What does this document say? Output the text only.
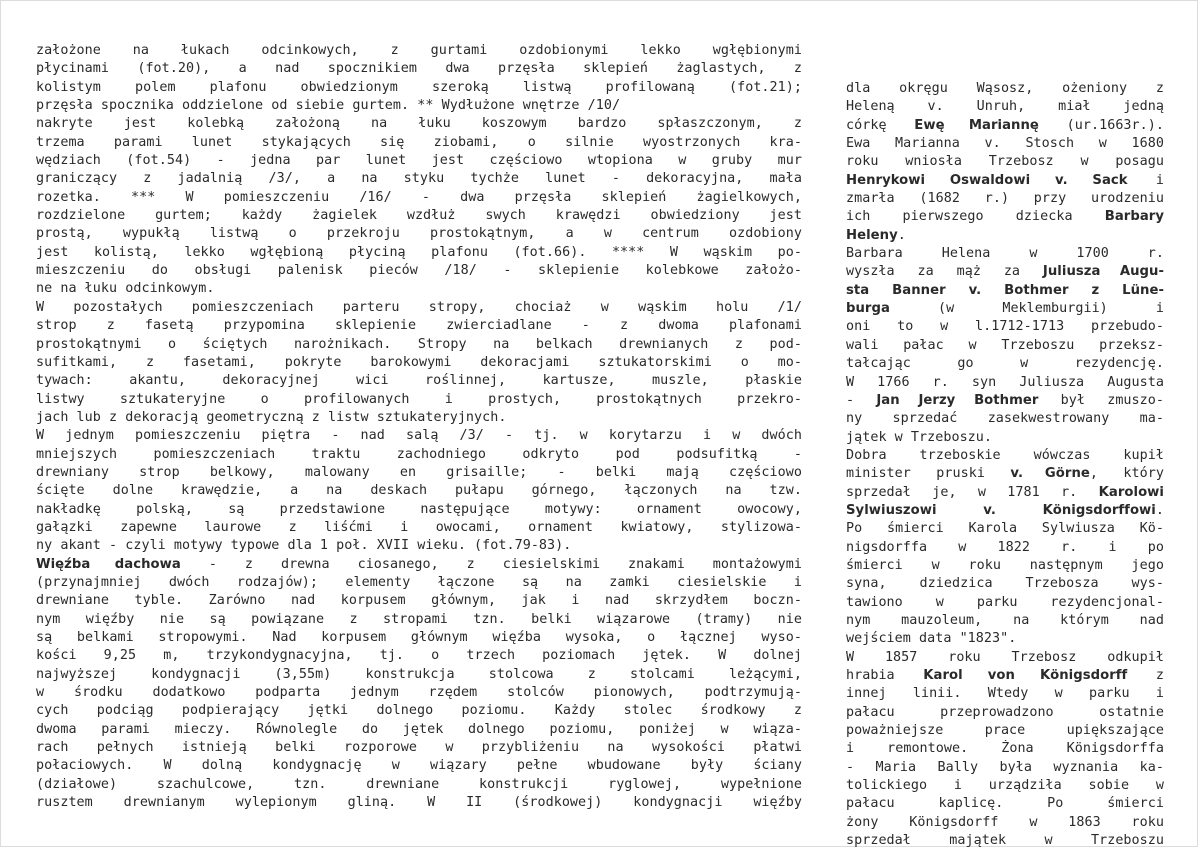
założone na łukach odcinkowych, z gurtami ozdobionymi lekko wgłębionymi
płycinami (fot.20), a nad spocznikiem dwa przęsła sklepień żaglastych, z
kolistym polem plafonu obwiedzionym szeroką listwą profilowaną (fot.21);
przęsła spocznika oddzielone od siebie gurtem. ** Wydłużone wnętrze /10/
nakryte jest kolebką założoną na łuku koszowym bardzo spłaszczonym, z
trzema parami lunet stykających się ziobami, o silnie wyostrzonych kra-
wędziach (fot.54) - jedna par lunet jest częściowo wtopiona w gruby mur
graniczący z jadalnią /3/, a na styku tychże lunet - dekoracyjna, mała
rozetka. *** W pomieszczeniu /16/ - dwa przęsła sklepień żagielkowych,
rozdzielone gurtem; każdy żagielek wzdłuż swych krawędzi obwiedziony jest
prostą, wypukłą listwą o przekroju prostokątnym, a w centrum ozdobiony
jest kolistą, lekko wgłębioną płyciną plafonu (fot.66). **** W wąskim po-
mieszczeniu do obsługi palenisk pieców /18/ - sklepienie kolebkowe założo-
ne na łuku odcinkowym.
W pozostałych pomieszczeniach parteru stropy, chociaż w wąskim holu /1/
strop z fasetą przypomina sklepienie zwierciadlane - z dwoma plafonami
prostokątnymi o ściętych narożnikach. Stropy na belkach drewnianych z pod-
sufitkami, z fasetami, pokryte barokowymi dekoracjami sztukatorskimi o mo-
tywach: akantu, dekoracyjnej wici roślinnej, kartusze, muszle, płaskie
listwy sztukateryjne o profilowanych i prostych, prostokątnych przekro-
jach lub z dekoracją geometryczną z listw sztukateryjnych.
W jednym pomieszczeniu piętra - nad salą /3/ - tj. w korytarzu i w dwóch
mniejszych pomieszczeniach traktu zachodniego odkryto pod podsufitką -
drewniany strop belkowy, malowany en grisaille; - belki mają częściowo
ścięte dolne krawędzie, a na deskach pułapu górnego, łączonych na tzw.
nakładkę polską, są przedstawione następujące motywy: ornament owocowy,
gałązki zapewne laurowe z liśćmi i owocami, ornament kwiatowy, stylizowa-
ny akant - czyli motywy typowe dla 1 poł. XVII wieku. (fot.79-83).
Więźba dachowa - z drewna ciosanego, z ciesielskimi znakami montażowymi
(przynajmniej dwóch rodzajów); elementy łączone są na zamki ciesielskie i
drewniane tyble. Zarówno nad korpusem głównym, jak i nad skrzydłem boczn-
nym więźby nie są powiązane z stropami tzn. belki wiązarowe (tramy) nie
są belkami stropowymi. Nad korpusem głównym więźba wysoka, o łącznej wyso-
kości 9,25 m, trzykondygnacyjna, tj. o trzech poziomach jętek. W dolnej
najwyższej kondygnacji (3,55m) konstrukcja stolcowa z stolcami leżącymi,
w środku dodatkowo podparta jednym rzędem stolców pionowych, podtrzymują-
cych podciąg podpierający jętki dolnego poziomu. Każdy stolec środkowy z
dwoma parami mieczy. Równolegle do jętek dolnego poziomu, poniżej w wiąza-
rach pełnych istnieją belki rozporowe w przybliżeniu na wysokości płatwi
połaciowych. W dolną kondygnację w wiązary pełne wbudowane były ściany
(działowe) szachulcowe, tzn. drewniane konstrukcji ryglowej, wypełnione
rusztem drewnianym wylepionym gliną. W II (środkowej) kondygnacji więźby
dla okręgu Wąsosz, ożeniony z
Heleną v. Unruh, miał jedną
córkę Ewę Mariannę (ur.1663r.).
Ewa Marianna v. Stosch w 1680
roku wniosła Trzebosz w posagu
Henrykowi Oswaldowi v. Sack i
zmarła (1682 r.) przy urodzeniu
ich pierwszego dziecka Barbary
Heleny.
Barbara Helena w 1700 r.
wyszła za mąż za Juliusza Augu-
sta Banner v. Bothmer z Lüne-
burga (w Meklemburgii) i
oni to w l.1712-1713 przebudo-
wali pałac w Trzeboszu przeksz-
tałcając go w rezydencję.
W 1766 r. syn Juliusza Augusta
- Jan Jerzy Bothmer był zmuszo-
ny sprzedać zasekwestrowany ma-
jątek w Trzeboszu.
Dobra trzeboskie wówczas kupił
minister pruski v. Görne, który
sprzedał je, w 1781 r. Karolowi
Sylwiuszowi v. Königsdorffowi.
Po śmierci Karola Sylwiusza Kö-
nigsdorffa w 1822 r. i po
śmierci w roku następnym jego
syna, dziedzica Trzebosza wys-
tawiono w parku rezydencjonal-
nym mauzoleum, na którym nad
wejściem data "1823".
W 1857 roku Trzebosz odkupił
hrabia Karol von Königsdorff z
innej linii. Wtedy w parku i
pałacu przeprowadzono ostatnie
poważniejsze prace upiększające
i remontowe. Żona Königsdorffa
- Maria Bally była wyznania ka-
tolickiego i urządziła sobie w
pałacu kaplicę. Po śmierci
żony Königsdorff w 1863 roku
sprzedał majątek w Trzeboszu
